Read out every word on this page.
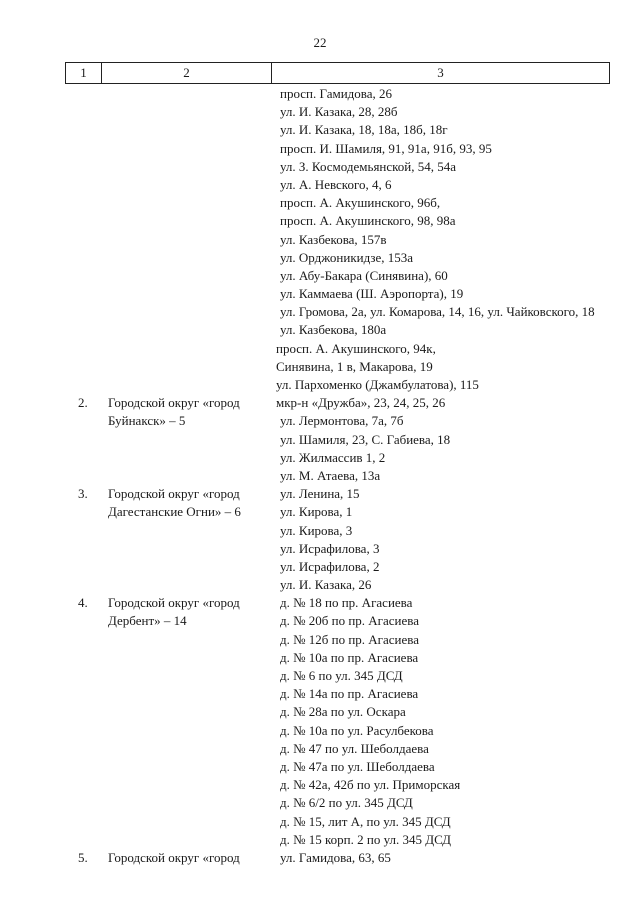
22
1	2	3
просп. Гамидова, 26
ул. И. Казака, 28, 28б
ул. И. Казака, 18, 18а, 18б, 18г
просп. И. Шамиля, 91, 91а, 91б, 93, 95
ул. З. Космодемьянской, 54, 54а
ул. А. Невского, 4, 6
просп. А. Акушинского, 96б,
просп. А. Акушинского, 98, 98а
ул. Казбекова, 157в
ул. Орджоникидзе, 153а
ул. Абу-Бакара (Синявина), 60
ул. Каммаева (Ш. Аэропорта), 19
ул. Громова, 2а, ул. Комарова, 14, 16, ул. Чайковского, 18
ул. Казбекова, 180а
просп. А. Акушинского, 94к,
Синявина, 1 в, Макарова, 19
ул. Пархоменко (Джамбулатова), 115
2. Городской округ «город	мкр-н «Дружба», 23, 24, 25, 26
Буйнакск» – 5	ул. Лермонтова, 7а, 7б
ул. Шамиля, 23, С. Габиева, 18
ул. Жилмассив 1, 2
ул. М. Атаева, 13а
3. Городской округ «город	ул. Ленина, 15
Дагестанские Огни» – 6	ул. Кирова, 1
ул. Кирова, 3
ул. Исрафилова, 3
ул. Исрафилова, 2
ул. И. Казака, 26
4. Городской округ «город	д. № 18 по пр. Агасиева
Дербент» – 14	д. № 20б по пр. Агасиева
д. № 12б по пр. Агасиева
д. № 10а по пр. Агасиева
д. № 6 по ул. 345 ДСД
д. № 14а по пр. Агасиева
д. № 28а по ул. Оскара
д. № 10а по ул. Расулбекова
д. № 47 по ул. Шеболдаева
д. № 47а по ул. Шеболдаева
д. № 42а, 42б по ул. Приморская
д. № 6/2 по ул. 345 ДСД
д. № 15, лит А, по ул. 345 ДСД
д. № 15 корп. 2 по ул. 345 ДСД
5. Городской округ «город	ул. Гамидова, 63, 65
